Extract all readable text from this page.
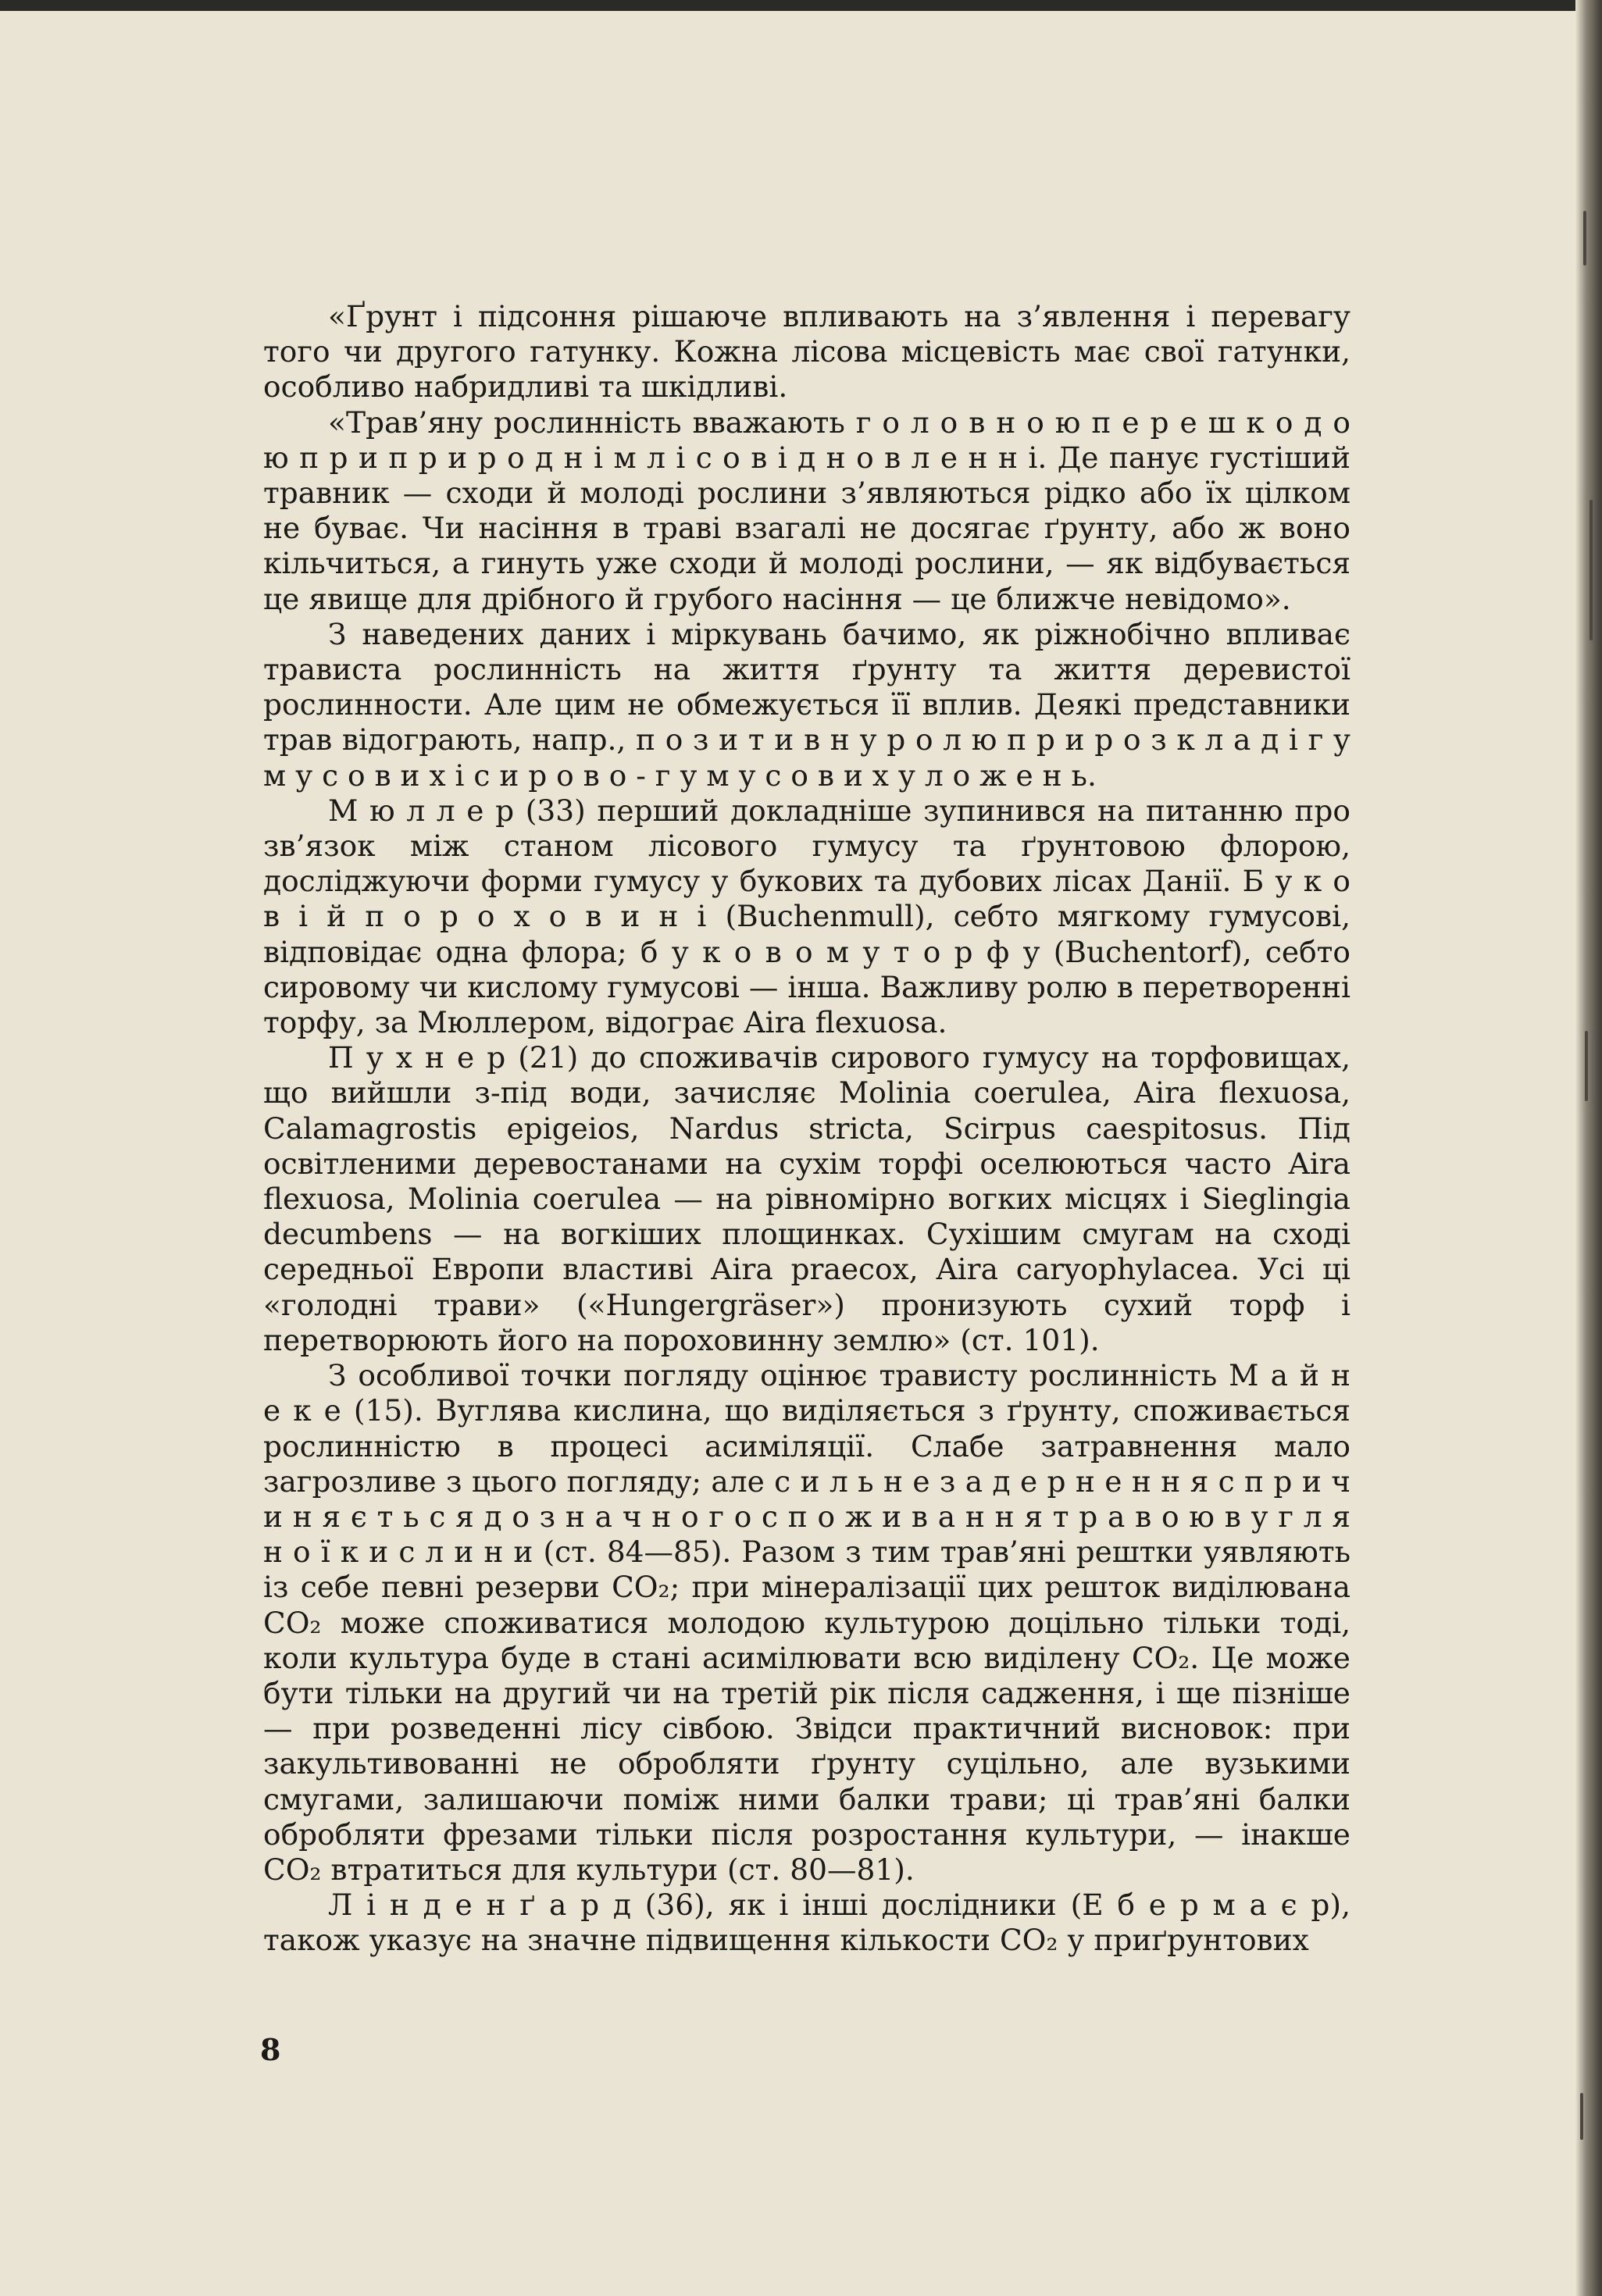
«Ґрунт і підсоння рішаюче впливають на з’явлення і перевагу того чи другого гатунку. Кожна лісова місцевість має свої гатунки, особливо набридливі та шкідливі.

«Трав’яну рослинність вважають г о л о в н о ю п е р е ш к о д о ю п р и п р и р о д н і м л і с о в і д н о в л е н н і. Де панує густіший травник — сходи й молоді рослини з’являються рідко або їх цілком не буває. Чи насіння в траві взагалі не досягає ґрунту, або ж воно кільчиться, а гинуть уже сходи й молоді рослини, — як відбувається це явище для дрібного й грубого насіння — це ближче невідомо».

З наведених даних і міркувань бачимо, як ріжнобічно впливає трависта рослинність на життя ґрунту та життя деревистої рослинности. Але цим не обмежується її вплив. Деякі представники трав відограють, напр., п о з и т и в н у р о л ю п р и р о з к л а д і г у м у с о в и х і с и р о в о - г у м у с о в и х у л о ж е н ь.

М ю л л е р (33) перший докладніше зупинився на питанню про зв’язок між станом лісового гумусу та ґрунтовою флорою, досліджуючи форми гумусу у букових та дубових лісах Данії. Б у к о в і й п о р о х о в и н і (Buchenmull), себто мягкому гумусові, відповідає одна флора; б у к о в о м у т о р ф у (Buchentorf), себто сировому чи кислому гумусові — інша. Важливу ролю в перетворенні торфу, за Мюллером, відограє Aira flexuosa.

П у х н е р (21) до споживачів сирового гумусу на торфовищах, що вийшли з-під води, зачисляє Molinia coerulea, Aira flexuosa, Calamagrostis epigeios, Nardus stricta, Scirpus caespitosus. Під освітленими деревостанами на сухім торфі оселюються часто Aira flexuosa, Molinia coerulea — на рівномірно вогких місцях і Sieglingia decumbens — на вогкіших площинках. Сухішим смугам на сході середньої Европи властиві Aira praecox, Aira caryophylacea. Усі ці «голодні трави» («Hungergräser») пронизують сухий торф і перетворюють його на пороховинну землю» (ст. 101).

З особливої точки погляду оцінює трависту рослинність М а й н е к е (15). Вуглява кислина, що виділяється з ґрунту, споживається рослинністю в процесі асиміляції. Слабе затравнення мало загрозливе з цього погляду; але с и л ь н е з а д е р н е н н я с п р и ч и н я є т ь с я д о з н а ч н о г о с п о ж и в а н н я т р а в о ю в у г л я н о ї к и с л и н и (ст. 84—85). Разом з тим трав’яні рештки уявляють із себе певні резерви CO₂; при мінералізації цих решток виділювана CO₂ може споживатися молодою культурою доцільно тільки тоді, коли культура буде в стані асимілювати всю виділену CO₂. Це може бути тільки на другий чи на третій рік після садження, і ще пізніше — при розведенні лісу сівбою. Звідси практичний висновок: при закультивованні не обробляти ґрунту суцільно, але вузькими смугами, залишаючи поміж ними балки трави; ці трав’яні балки обробляти фрезами тільки після розростання культури, — інакше CO₂ втратиться для культури (ст. 80—81).

Л і н д е н ґ а р д (36), як і інші дослідники (Е б е р м а є р), також указує на значне підвищення кількости CO₂ у приґрунтових

8
